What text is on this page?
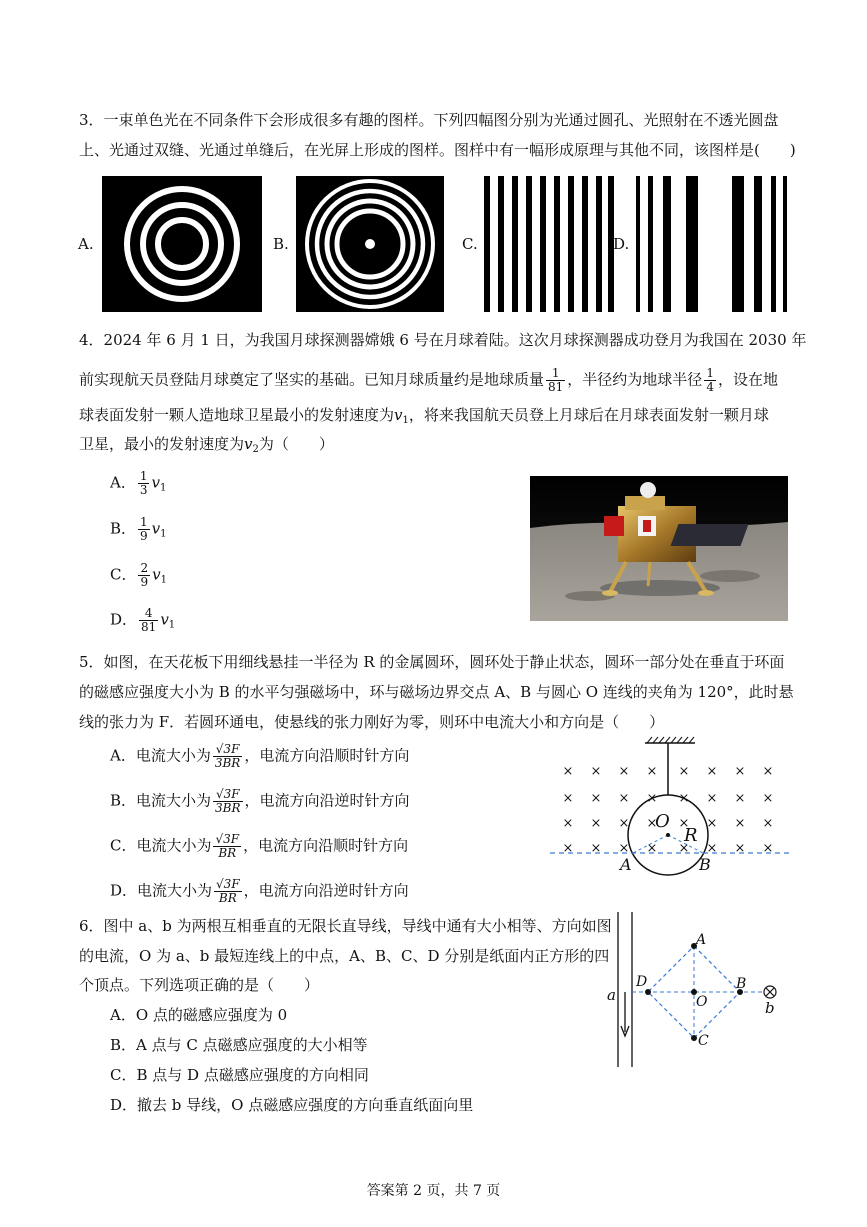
3．一束单色光在不同条件下会形成很多有趣的图样。下列四幅图分别为光通过圆孔、光照射在不透光圆盘
上、光通过双缝、光通过单缝后，在光屏上形成的图样。图样中有一幅形成原理与其他不同，该图样是(　　)
A.	B.	C.	D.
4．2024 年 6 月 1 日，为我国月球探测器嫦娥 6 号在月球着陆。这次月球探测器成功登月为我国在 2030 年
前实现航天员登陆月球奠定了坚实的基础。已知月球质量约是地球质量 $\frac{1}{81}$ ，半径约为地球半径 $\frac{1}{4}$ ，设在地
球表面发射一颗人造地球卫星最小的发射速度为$v_1$，将来我国航天员登上月球后在月球表面发射一颗月球
卫星，最小的发射速度为$v_2$为（　　）
A． $\frac{1}{3} v_1$
B． $\frac{1}{9} v_1$
C． $\frac{2}{9} v_1$
D． $\frac{4}{81} v_1$
5．如图，在天花板下用细线悬挂一半径为 R 的金属圆环，圆环处于静止状态，圆环一部分处在垂直于环面
的磁感应强度大小为 B 的水平匀强磁场中，环与磁场边界交点 A、B 与圆心 O 连线的夹角为 120°，此时悬
线的张力为 F．若圆环通电，使悬线的张力刚好为零，则环中电流大小和方向是（　　）
A．电流大小为 $\frac{√3F}{3BR}$ ，电流方向沿顺时针方向
B．电流大小为 $\frac{√3F}{3BR}$ ，电流方向沿逆时针方向
C．电流大小为 $\frac{√3F}{BR}$ ，电流方向沿顺时针方向
D．电流大小为 $\frac{√3F}{BR}$ ，电流方向沿逆时针方向
× × × × × × × ×
× × × × × × × ×
× × × × × × × ×
× × × × × × × ×
O
R
A	B
6．图中 a、b 为两根互相垂直的无限长直导线，导线中通有大小相等、方向如图
的电流，O 为 a、b 最短连线上的中点，A、B、C、D 分别是纸面内正方形的四
个顶点。下列选项正确的是（　　）
A．O 点的磁感应强度为 0
B．A 点与 C 点磁感应强度的大小相等
C．B 点与 D 点磁感应强度的方向相同
D．撤去 b 导线，O 点磁感应强度的方向垂直纸面向里
a
A
B
C
D
O	b
答案第 2 页，共 7 页
